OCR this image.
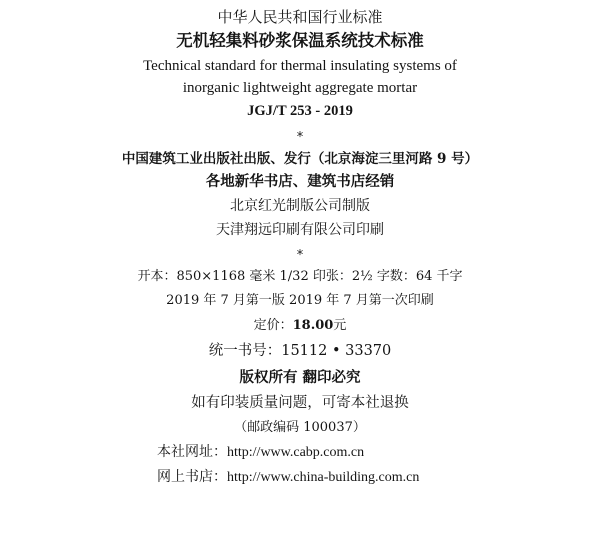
中华人民共和国行业标准
无机轻集料砂浆保温系统技术标准
Technical standard for thermal insulating systems of
inorganic lightweight aggregate mortar
JGJ/T 253 - 2019
*
中国建筑工业出版社出版、发行（北京海淀三里河路 9 号）
各地新华书店、建筑书店经销
北京红光制版公司制版
天津翔远印刷有限公司印刷
*
开本：850×1168 毫米 1/32 印张：2½ 字数：64 千字
2019 年 7 月第一版 2019 年 7 月第一次印刷
定价：18.00元
统一书号：15112 • 33370
版权所有 翻印必究
如有印装质量问题，可寄本社退换
（邮政编码 100037）
本社网址：http://www.cabp.com.cn
网上书店：http://www.china-building.com.cn
